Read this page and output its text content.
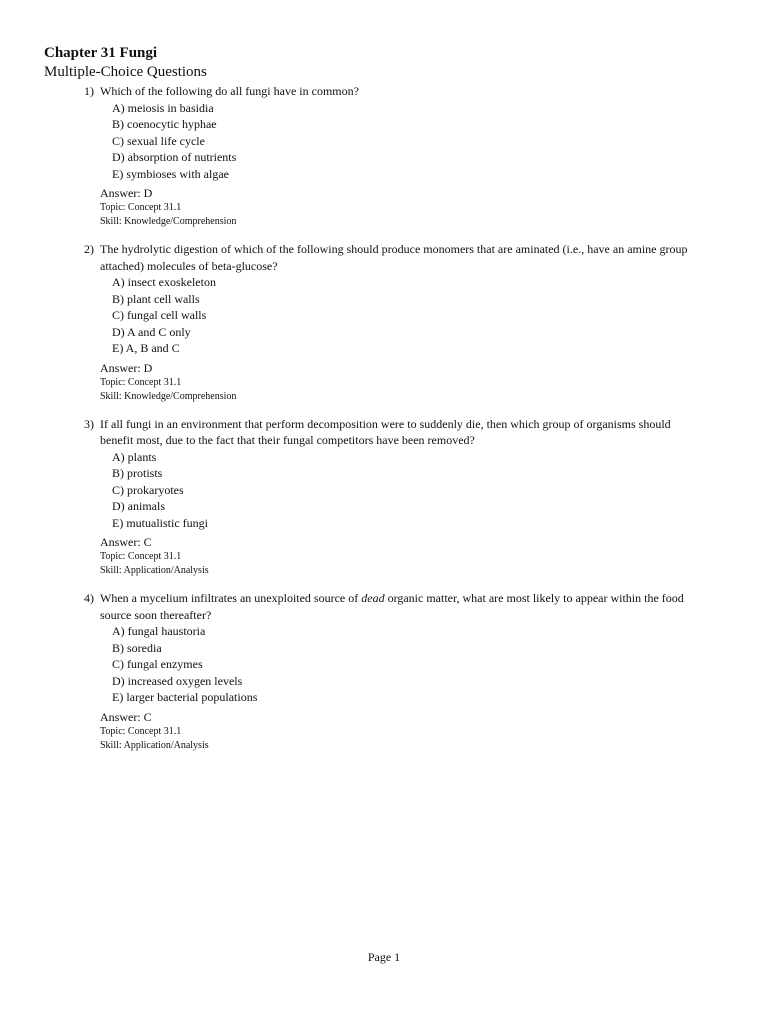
Chapter 31 Fungi
Multiple-Choice Questions
1) Which of the following do all fungi have in common?
A) meiosis in basidia
B) coenocytic hyphae
C) sexual life cycle
D) absorption of nutrients
E) symbioses with algae
Answer: D
Topic: Concept 31.1
Skill: Knowledge/Comprehension
2) The hydrolytic digestion of which of the following should produce monomers that are aminated (i.e., have an amine group attached) molecules of beta-glucose?
A) insect exoskeleton
B) plant cell walls
C) fungal cell walls
D) A and C only
E) A, B and C
Answer: D
Topic: Concept 31.1
Skill: Knowledge/Comprehension
3) If all fungi in an environment that perform decomposition were to suddenly die, then which group of organisms should benefit most, due to the fact that their fungal competitors have been removed?
A) plants
B) protists
C) prokaryotes
D) animals
E) mutualistic fungi
Answer: C
Topic: Concept 31.1
Skill: Application/Analysis
4) When a mycelium infiltrates an unexploited source of dead organic matter, what are most likely to appear within the food source soon thereafter?
A) fungal haustoria
B) soredia
C) fungal enzymes
D) increased oxygen levels
E) larger bacterial populations
Answer: C
Topic: Concept 31.1
Skill: Application/Analysis
Page 1
